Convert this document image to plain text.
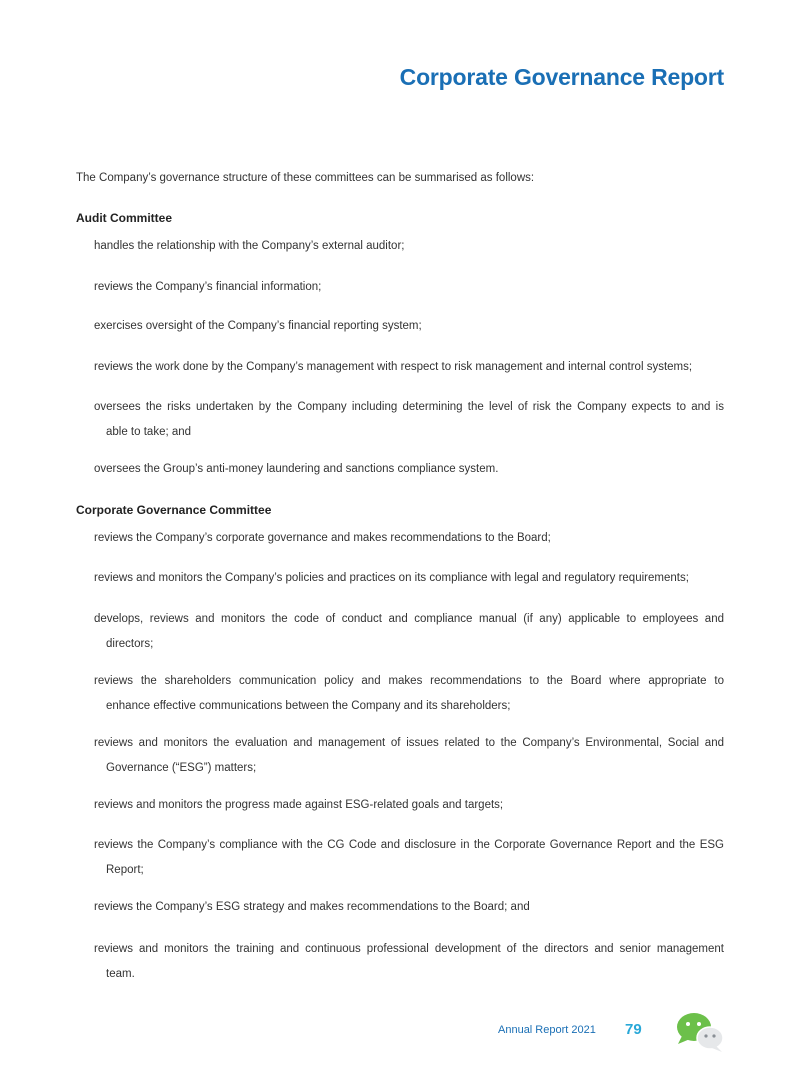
Corporate Governance Report
The Company’s governance structure of these committees can be summarised as follows:
Audit Committee
Corporate Governance Committee
Annual Report 2021 79
handles the relationship with the Company’s external auditor;
reviews the Company’s financial information;
exercises oversight of the Company’s financial reporting system;
reviews the work done by the Company’s management with respect to risk management and internal control systems;
oversees the risks undertaken by the Company including determining the level of risk the Company expects to and is
able to take; and
oversees the Group’s anti-money laundering and sanctions compliance system.
reviews the Company’s corporate governance and makes recommendations to the Board;
reviews and monitors the Company’s policies and practices on its compliance with legal and regulatory requirements;
develops, reviews and monitors the code of conduct and compliance manual (if any) applicable to employees and
directors;
reviews the shareholders communication policy and makes recommendations to the Board where appropriate to
enhance effective communications between the Company and its shareholders;
reviews and monitors the evaluation and management of issues related to the Company’s Environmental, Social and
Governance (“ESG”) matters;
reviews and monitors the progress made against ESG-related goals and targets;
reviews the Company’s compliance with the CG Code and disclosure in the Corporate Governance Report and the ESG
Report;
reviews the Company’s ESG strategy and makes recommendations to the Board; and
reviews and monitors the training and continuous professional development of the directors and senior management
team.
